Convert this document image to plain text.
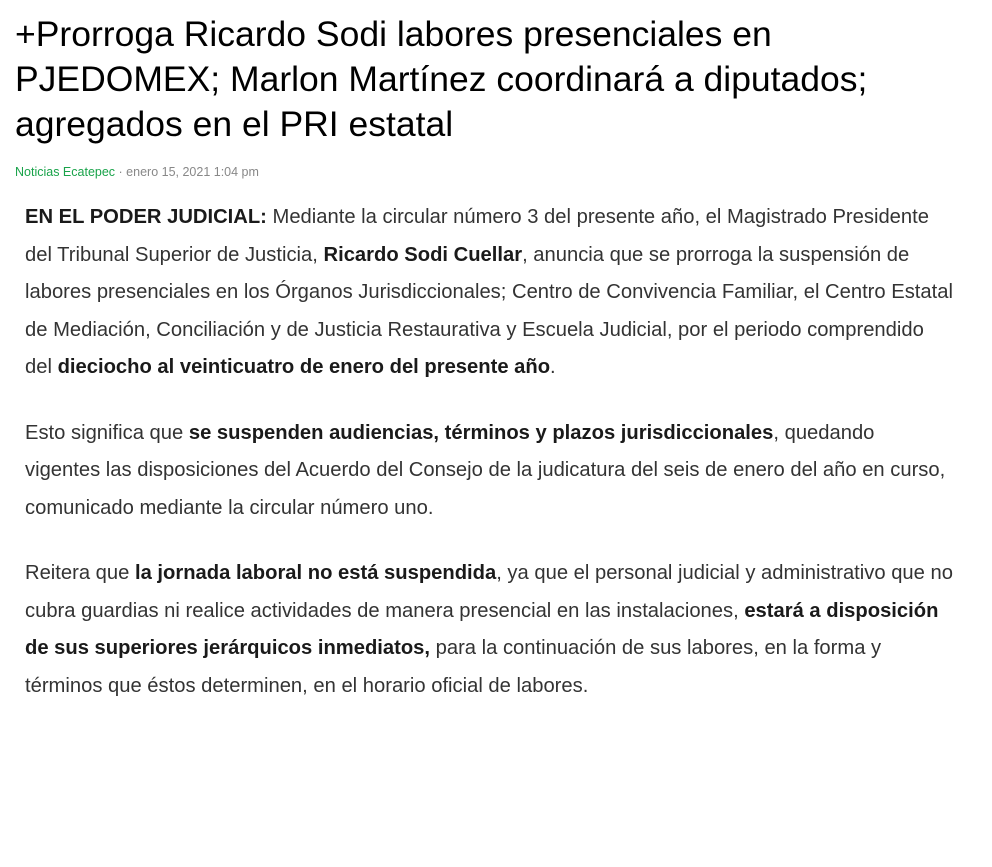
+Prorroga Ricardo Sodi labores presenciales en
PJEDOMEX; Marlon Martínez coordinará a diputados;
agregados en el PRI estatal
Noticias Ecatepec · enero 15, 2021 1:04 pm

EN EL PODER JUDICIAL: Mediante la circular número 3 del presente año, el Magistrado Presidente del Tribunal Superior de Justicia, Ricardo Sodi Cuellar, anuncia que se prorroga la suspensión de labores presenciales en los Órganos Jurisdiccionales; Centro de Convivencia Familiar, el Centro Estatal de Mediación, Conciliación y de Justicia Restaurativa y Escuela Judicial, por el periodo comprendido del dieciocho al veinticuatro de enero del presente año.

Esto significa que se suspenden audiencias, términos y plazos jurisdiccionales, quedando vigentes las disposiciones del Acuerdo del Consejo de la judicatura del seis de enero del año en curso, comunicado mediante la circular número uno.

Reitera que la jornada laboral no está suspendida, ya que el personal judicial y administrativo que no cubra guardias ni realice actividades de manera presencial en las instalaciones, estará a disposición de sus superiores jerárquicos inmediatos, para la continuación de sus labores, en la forma y términos que éstos determinen, en el horario oficial de labores.
